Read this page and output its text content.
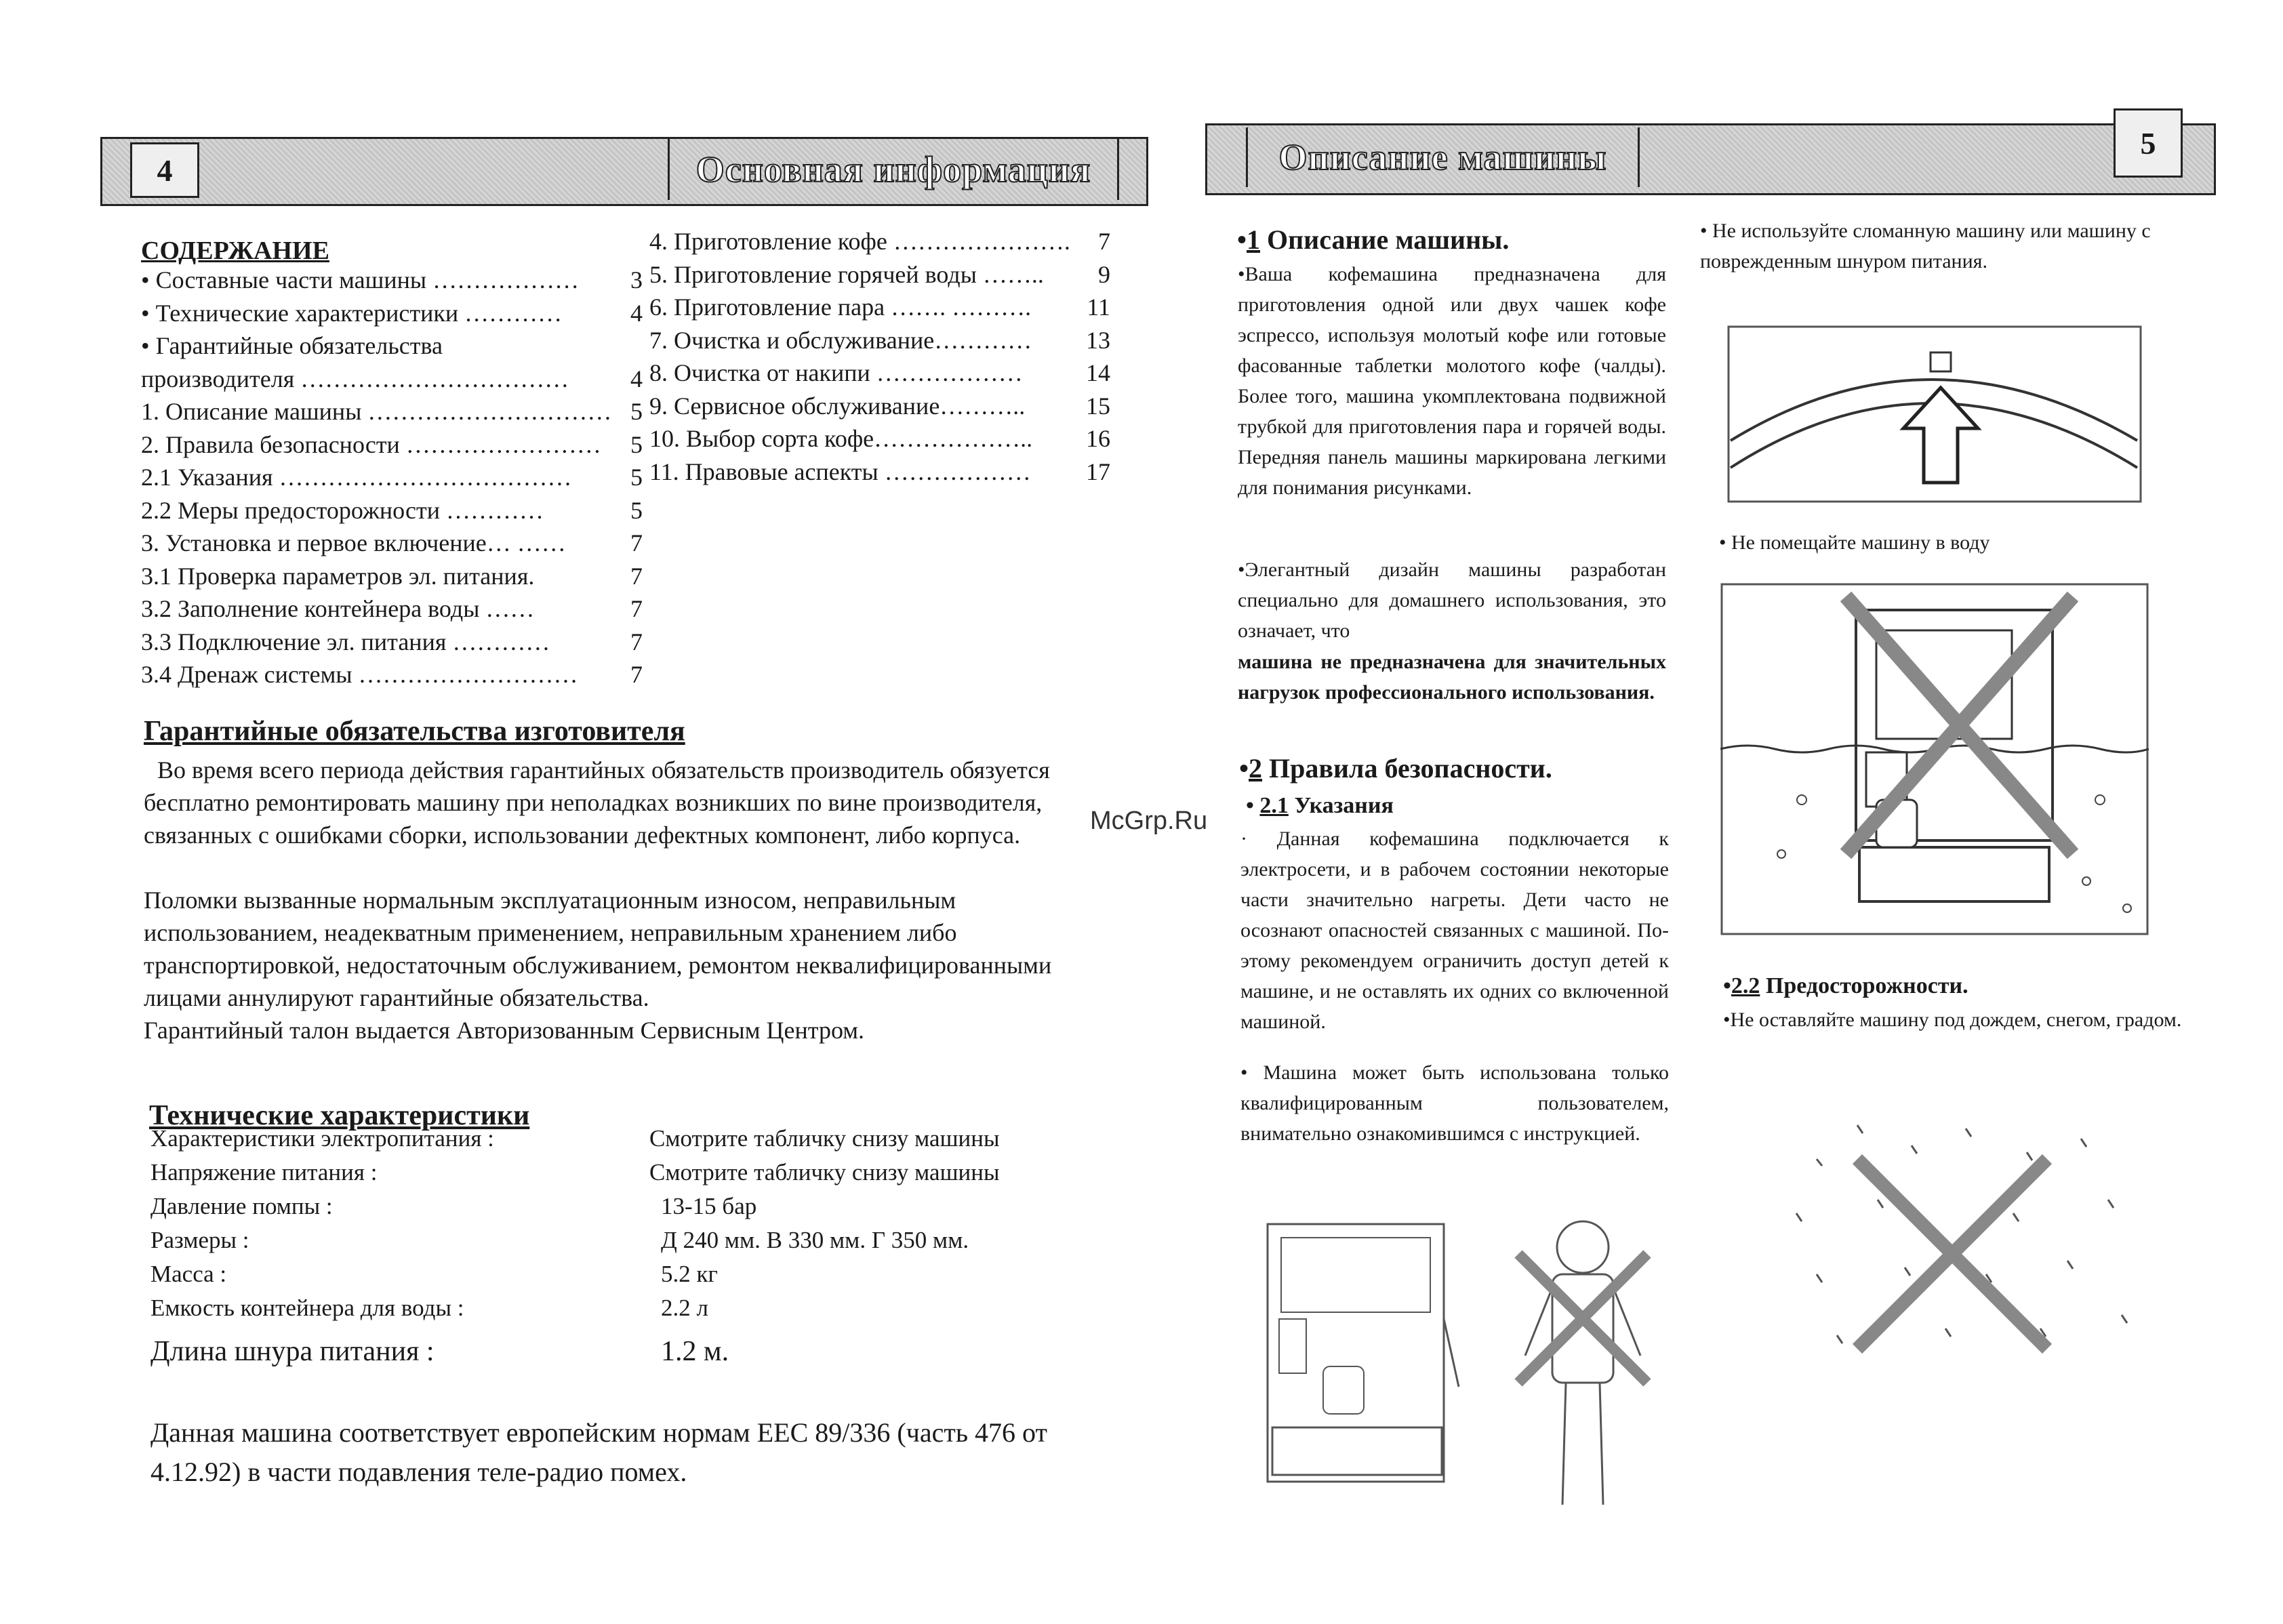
4	Основная информация	Описание машины	5
СОДЕРЖАНИЕ
• Составные части машины ……………… 3
• Технические характеристики …………	4
• Гарантийные обязательства
производителя ……………………………	4
1. Описание машины ………………………… 5
2. Правила безопасности …………………… 5
2.1 Указания ……………………………… 5
2.2 Меры предосторожности …………	5
3. Установка и первое включение… ……	7
3.1 Проверка параметров эл. питания.	7
3.2 Заполнение контейнера воды ……	7
3.3 Подключение эл. питания …………	7
3.4 Дренаж системы ……………………… 7
4. Приготовление кофе …………………. 7
5. Приготовление горячей воды …….. 9
6. Приготовление пара ……. ………. 11
7. Очистка и обслуживание………… 13
8. Очистка от накипи ………………	14
9. Сервисное обслуживание……….. 15
10. Выбор сорта кофе……………….. 16
11. Правовые аспекты ……………… 17
Гарантийные обязательства изготовителя
Во время всего периода действия гарантийных обязательств производитель обязуется бесплатно ремонтировать машину при неполадках возникших по вине производителя, связанных с ошибками сборки, использовании дефектных компонент, либо корпуса.
Поломки вызванные нормальным эксплуатационным износом, неправильным использованием, неадекватным применением, неправильным хранением либо транспортировкой, недостаточным обслуживанием, ремонтом неквалифицированными лицами аннулируют гарантийные обязательства.
Гарантийный талон выдается Авторизованным Сервисным Центром.
Технические характеристики
Характеристики электропитания :	Смотрите табличку снизу машины
Напряжение питания :	Смотрите табличку снизу машины
Давление помпы :	13-15 бар
Размеры :	Д 240 мм. В 330 мм. Г 350 мм.
Масса :	5.2 кг
Емкость контейнера для воды :	2.2 л
Длина шнура питания :	1.2 м.
Данная машина соответствует европейским нормам ЕЕС 89/336 (часть 476 от 4.12.92) в части подавления теле-радио помех.
McGrp.Ru
•1 Описание машины.
•Ваша кофемашина предназначена для приготовления одной или двух чашек кофе эспрессо, используя молотый кофе или готовые фасованные таблетки молотого кофе (чалды). Более того, машина укомплектована подвижной трубкой для приготовления пара и горячей воды. Передняя панель машины маркирована легкими для понимания рисунками.
•Элегантный дизайн машины разработан специально для домашнего использования, это означает, что
машина не предназначена для значительных нагрузок профессионального использования.
•2 Правила безопасности.
• 2.1 Указания
· Данная кофемашина подключается к электросети, и в рабочем состоянии некоторые части значительно нагреты. Дети часто не осознают опасностей связанных с машиной. По-этому рекомендуем ограничить доступ детей к машине, и не оставлять их одних со включенной машиной.
• Машина может быть использована только квалифицированным пользователем, внимательно ознакомившимся с инструкцией.
• Не используйте сломанную машину или машину с поврежденным шнуром питания.
• Не помещайте машину в воду
•2.2 Предосторожности.
•Не оставляйте машину под дождем, снегом, градом.
